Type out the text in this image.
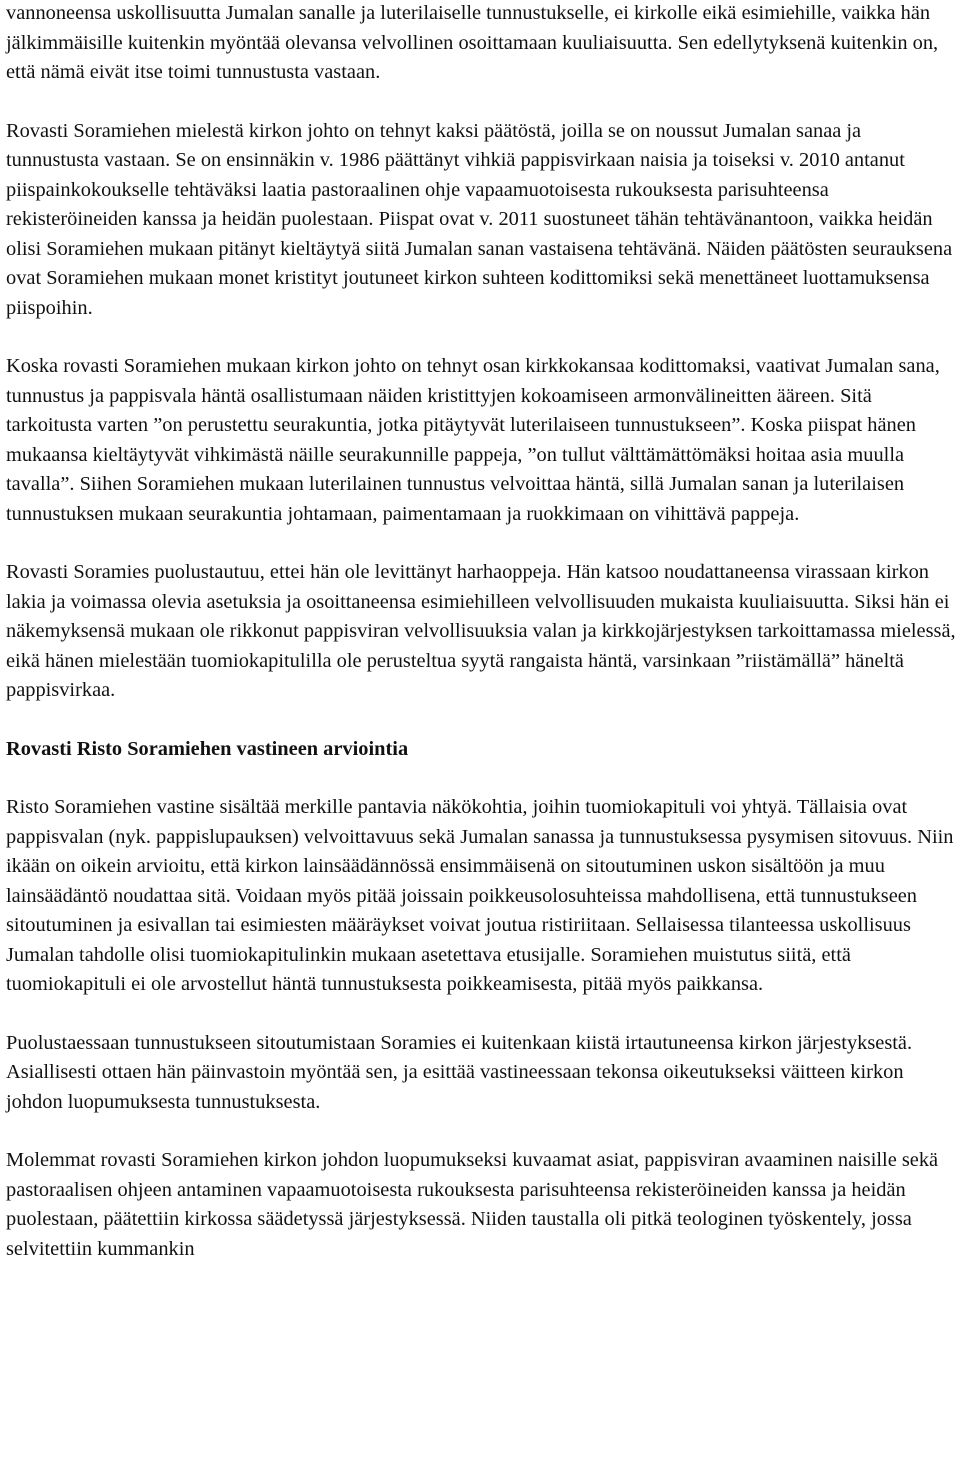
vannoneensa uskollisuutta Jumalan sanalle ja luterilaiselle tunnustukselle, ei kirkolle eikä esimiehille, vaikka hän jälkimmäisille kuitenkin myöntää olevansa velvollinen osoittamaan kuuliaisuutta. Sen edellytyksenä kuitenkin on, että nämä eivät itse toimi tunnustusta vastaan.

Rovasti Soramiehen mielestä kirkon johto on tehnyt kaksi päätöstä, joilla se on noussut Jumalan sanaa ja tunnustusta vastaan. Se on ensinnäkin v. 1986 päättänyt vihkiä pappisvirkaan naisia ja toiseksi v. 2010 antanut piispainkokoukselle tehtäväksi laatia pastoraalinen ohje vapaamuotoisesta rukouksesta parisuhteensa rekisteröineiden kanssa ja heidän puolestaan. Piispat ovat v. 2011 suostuneet tähän tehtävänantoon, vaikka heidän olisi Soramiehen mukaan pitänyt kieltäytyä siitä Jumalan sanan vastaisena tehtävänä. Näiden päätösten seurauksena ovat Soramiehen mukaan monet kristityt joutuneet kirkon suhteen kodittomiksi sekä menettäneet luottamuksensa piispoihin.

Koska rovasti Soramiehen mukaan kirkon johto on tehnyt osan kirkkokansaa kodittomaksi, vaativat Jumalan sana, tunnustus ja pappisvala häntä osallistumaan näiden kristittyjen kokoamiseen armonvälineitten ääreen. Sitä tarkoitusta varten ”on perustettu seurakuntia, jotka pitäytyvät luterilaiseen tunnustukseen”. Koska piispat hänen mukaansa kieltäytyvät vihkimästä näille seurakunnille pappeja, ”on tullut välttämättömäksi hoitaa asia muulla tavalla”. Siihen Soramiehen mukaan luterilainen tunnustus velvoittaa häntä, sillä Jumalan sanan ja luterilaisen tunnustuksen mukaan seurakuntia johtamaan, paimentamaan ja ruokkimaan on vihittävä pappeja.

Rovasti Soramies puolustautuu, ettei hän ole levittänyt harhaoppeja. Hän katsoo noudattaneensa virassaan kirkon lakia ja voimassa olevia asetuksia ja osoittaneensa esimiehilleen velvollisuuden mukaista kuuliaisuutta. Siksi hän ei näkemyksensä mukaan ole rikkonut pappisviran velvollisuuksia valan ja kirkkojärjestyksen tarkoittamassa mielessä, eikä hänen mielestään tuomiokapitulilla ole perusteltua syytä rangaista häntä, varsinkaan ”riistämällä” häneltä pappisvirkaa.

Rovasti Risto Soramiehen vastineen arviointia

Risto Soramiehen vastine sisältää merkille pantavia näkökohtia, joihin tuomiokapituli voi yhtyä. Tällaisia ovat pappisvalan (nyk. pappislupauksen) velvoittavuus sekä Jumalan sanassa ja tunnustuksessa pysymisen sitovuus. Niin ikään on oikein arvioitu, että kirkon lainsäädännössä ensimmäisenä on sitoutuminen uskon sisältöön ja muu lainsäädäntö noudattaa sitä. Voidaan myös pitää joissain poikkeusolosuhteissa mahdollisena, että tunnustukseen sitoutuminen ja esivallan tai esimiesten määräykset voivat joutua ristiriitaan. Sellaisessa tilanteessa uskollisuus Jumalan tahdolle olisi tuomiokapitulinkin mukaan asetettava etusijalle. Soramiehen muistutus siitä, että tuomiokapituli ei ole arvostellut häntä tunnustuksesta poikkeamisesta, pitää myös paikkansa.

Puolustaessaan tunnustukseen sitoutumistaan Soramies ei kuitenkaan kiistä irtautuneensa kirkon järjestyksestä. Asiallisesti ottaen hän päinvastoin myöntää sen, ja esittää vastineessaan tekonsa oikeutukseksi väitteen kirkon johdon luopumuksesta tunnustuksesta.

Molemmat rovasti Soramiehen kirkon johdon luopumukseksi kuvaamat asiat, pappisviran avaaminen naisille sekä pastoraalisen ohjeen antaminen vapaamuotoisesta rukouksesta parisuhteensa rekisteröineiden kanssa ja heidän puolestaan, päätettiin kirkossa säädetyssä järjestyksessä. Niiden taustalla oli pitkä teologinen työskentely, jossa selvitettiin kummankin
